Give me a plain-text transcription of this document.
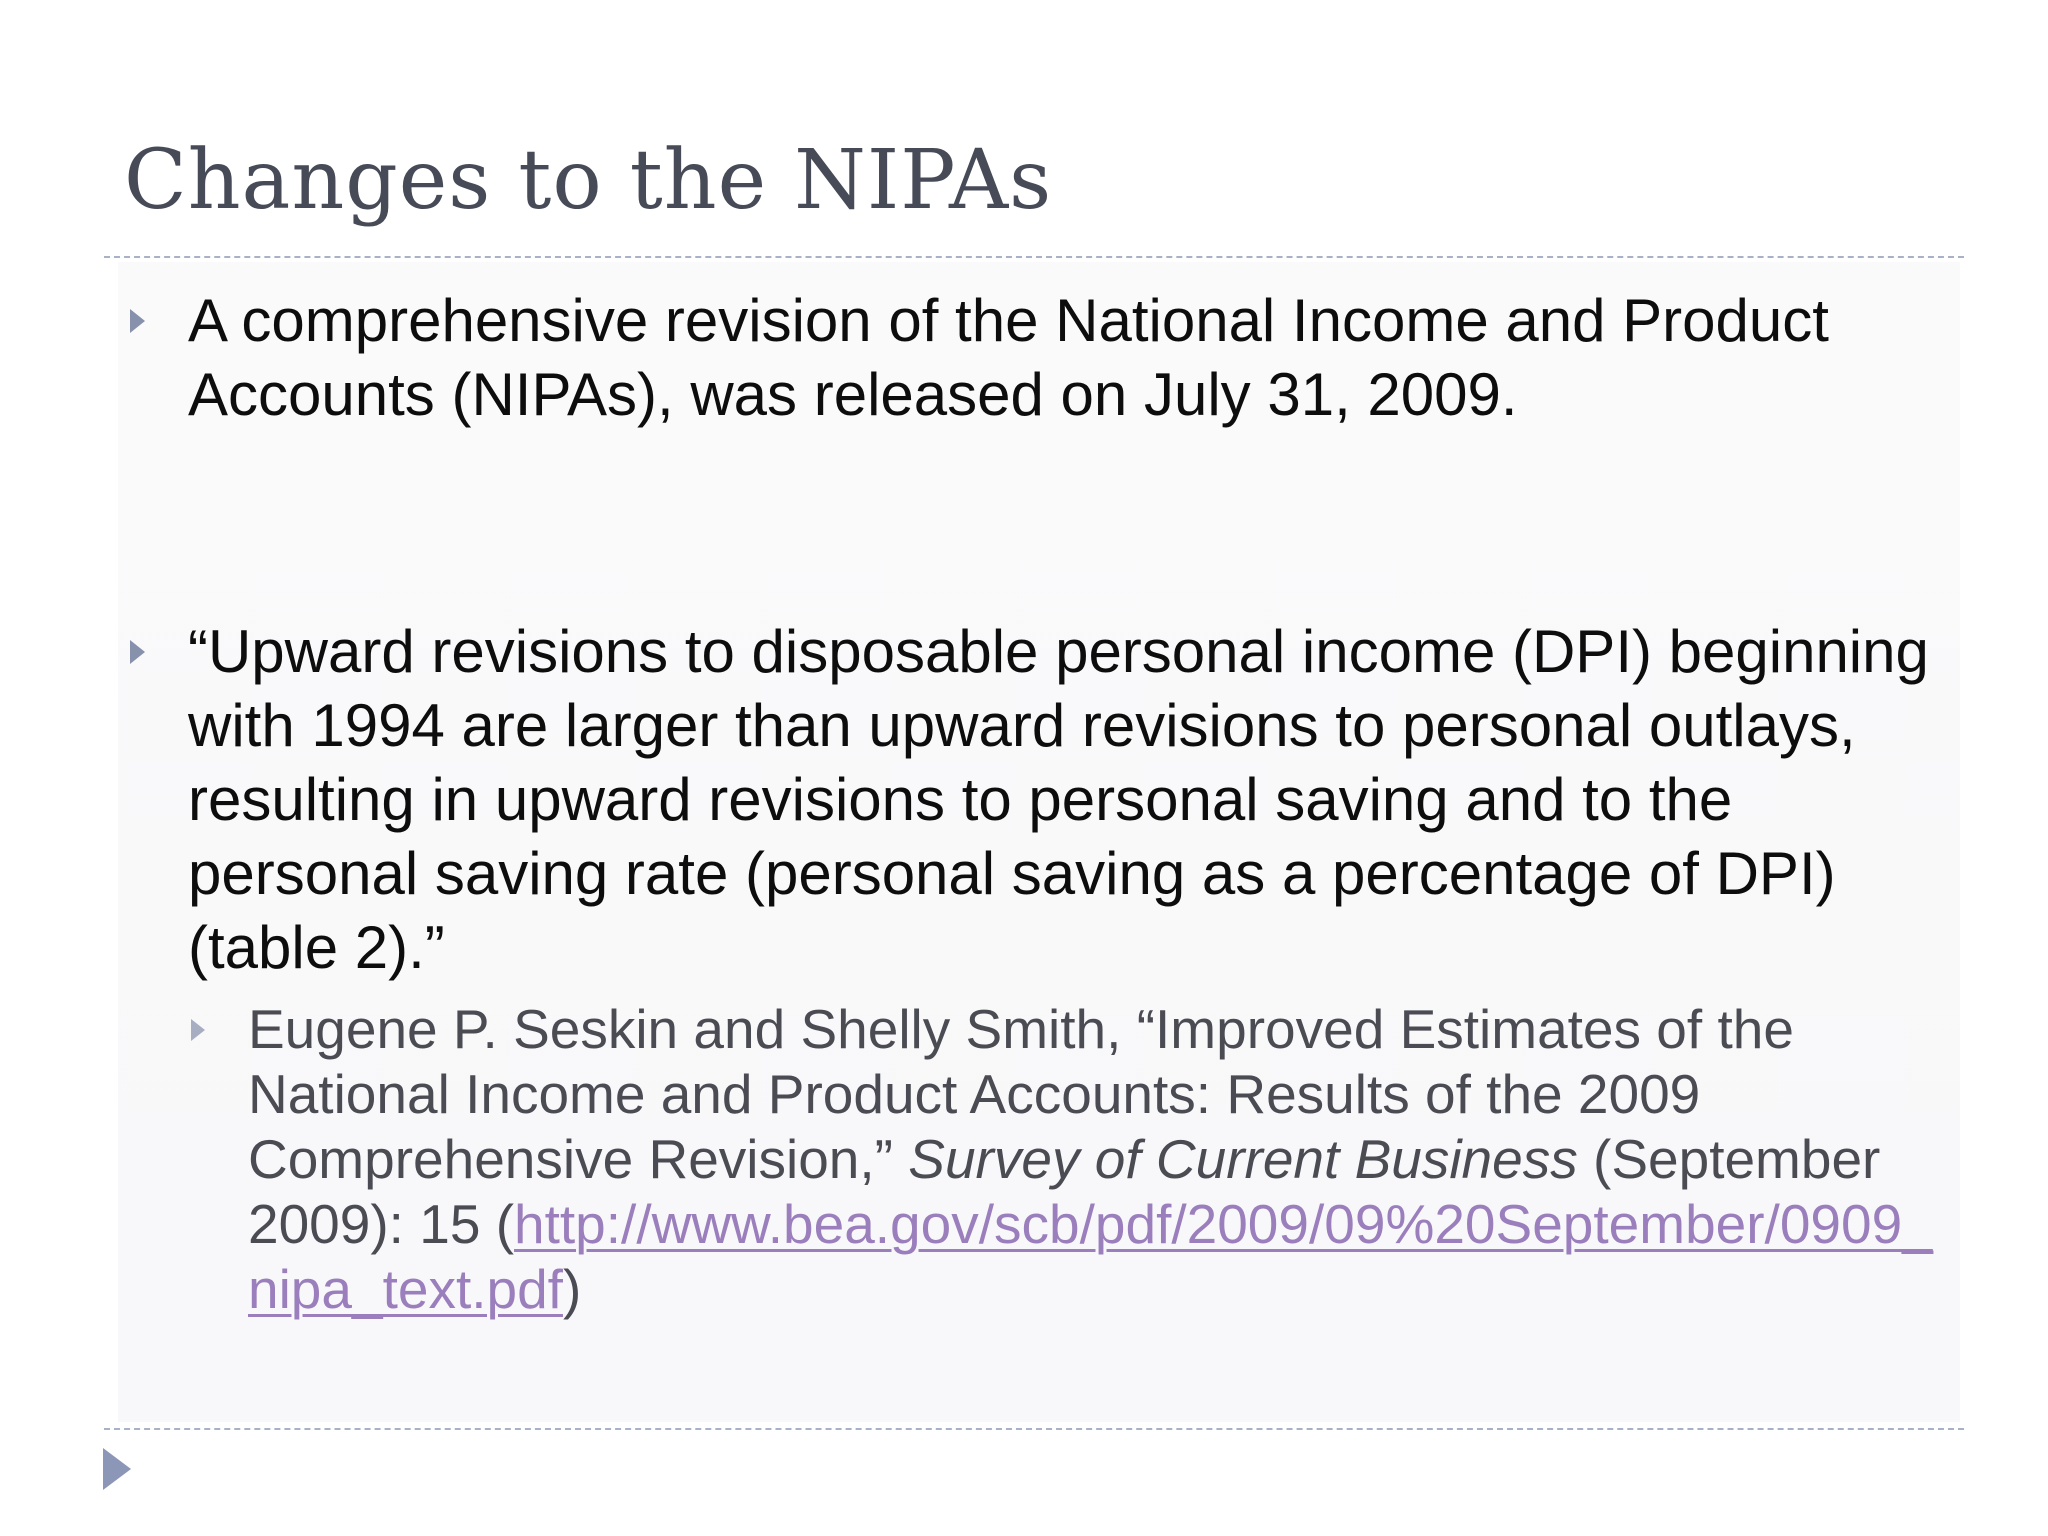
Changes to the NIPAs
A comprehensive revision of the National Income and Product Accounts (NIPAs), was released on July 31, 2009.
“Upward revisions to disposable personal income (DPI) beginning with 1994 are larger than upward revisions to personal outlays, resulting in upward revisions to personal saving and to the personal saving rate (personal saving as a percentage of DPI) (table 2).”
Eugene P. Seskin and Shelly Smith, “Improved Estimates of the National Income and Product Accounts: Results of the 2009 Comprehensive Revision,” Survey of Current Business (September 2009): 15 (http://www.bea.gov/scb/pdf/2009/09%20September/0909_nipa_text.pdf)
